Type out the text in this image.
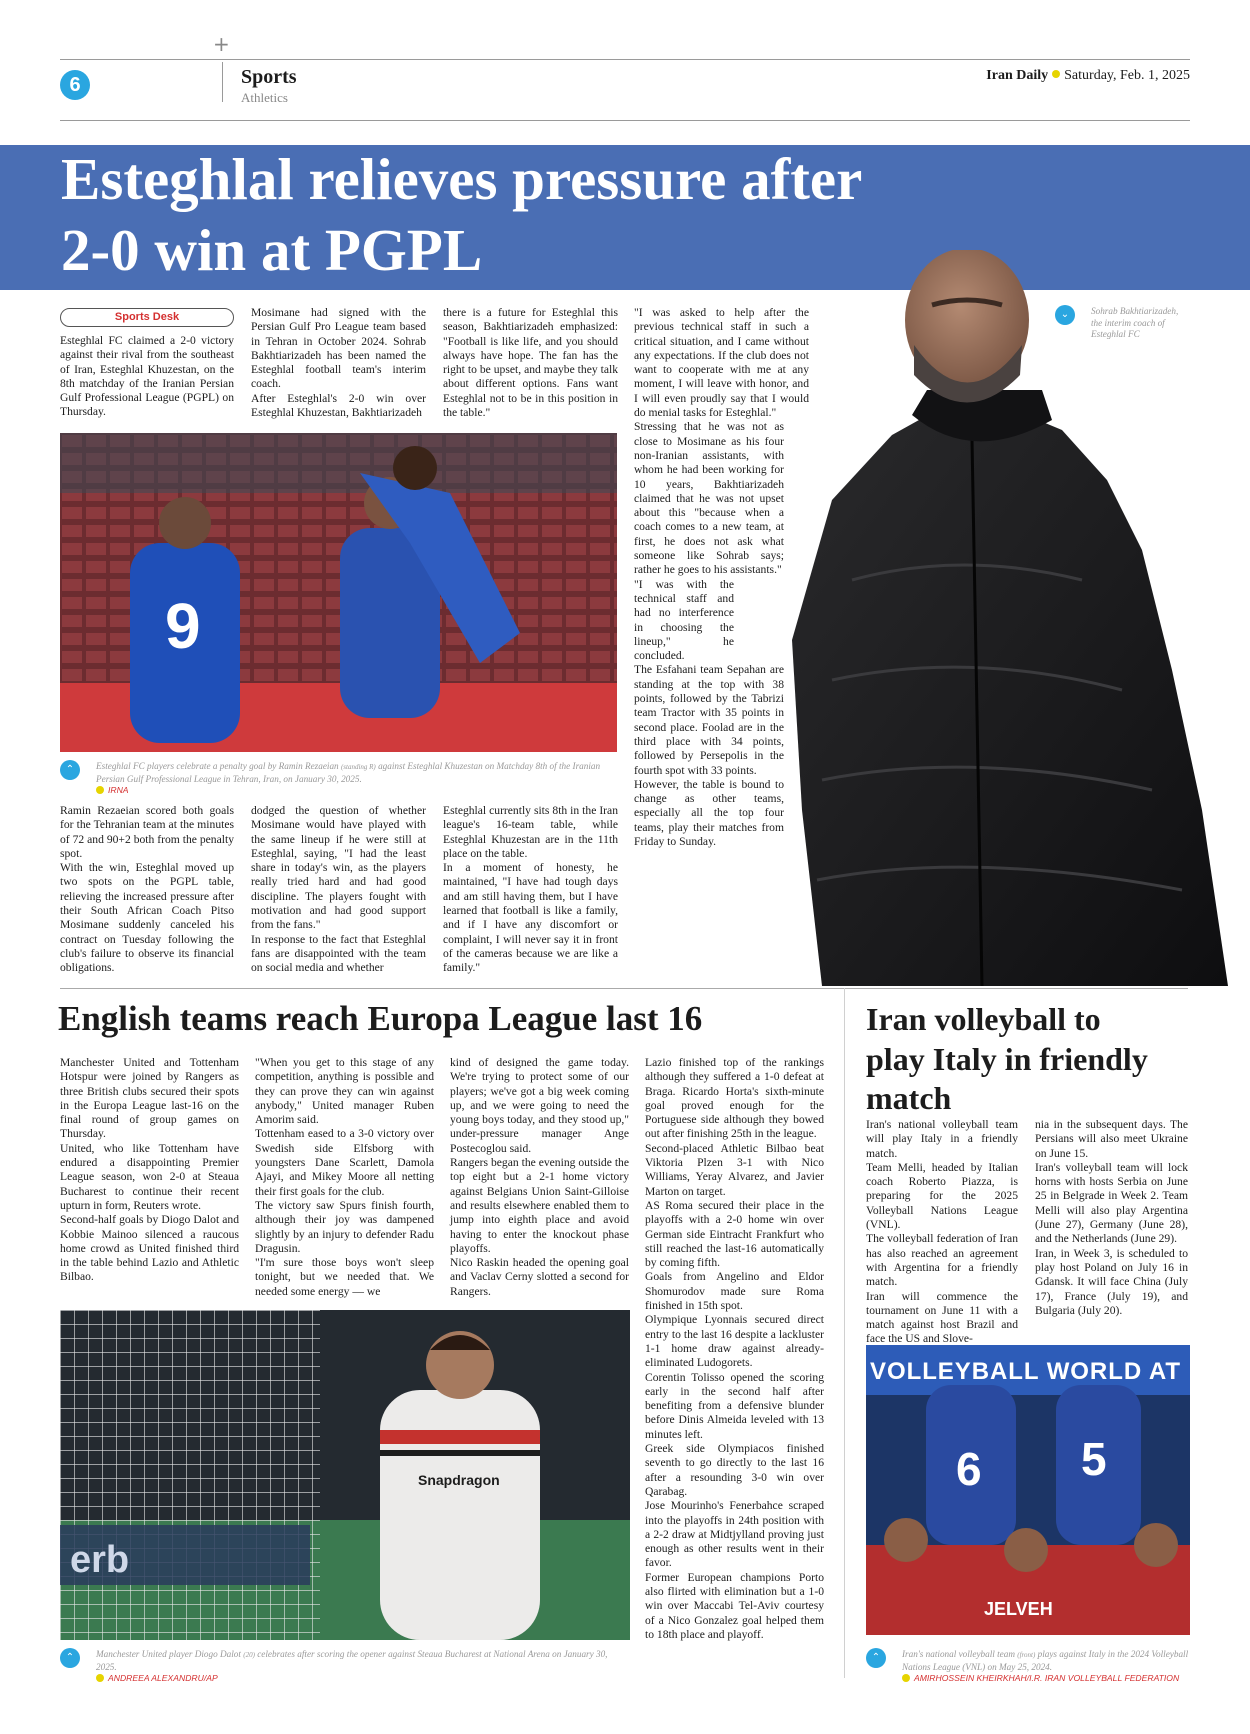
+
6	Sports
Athletics
Iran Daily Saturday, Feb. 1, 2025
Esteghlal relieves pressure after 2-0 win at PGPL
⌄	Sohrab Bakhtiarizadeh, the interim coach of Esteghlal FC
Sports Desk

Esteghlal FC claimed a 2-0 victory against their rival from the southeast of Iran, Esteghlal Khuzestan, on the 8th matchday of the Iranian Persian Gulf Professional League (PGPL) on Thursday.

Mosimane had signed with the Persian Gulf Pro League team based in Tehran in October 2024. Sohrab Bakhtiarizadeh has been named the Esteghlal football team's interim coach.

After Esteghlal's 2-0 win over Esteghlal Khuzestan, Bakhtiarizadeh

there is a future for Esteghlal this season, Bakhtiarizadeh emphasized: "Football is like life, and you should always have hope. The fan has the right to be upset, and maybe they talk about different options. Fans want Esteghlal not to be in this position in the table."

"I was asked to help after the previous technical staff in such a critical situation, and I came without any expectations. If the club does not want to cooperate with me at any moment, I will leave with honor, and I will even proudly say that I would do menial tasks for Esteghlal."

Stressing that he was not as close to Mosimane as his four non-Iranian assistants, with whom he had been working for 10 years, Bakhtiarizadeh claimed that he was not upset about this "because when a coach comes to a new team, at first, he does not ask what someone like Sohrab says; rather he goes to his assistants."

"I was with the technical staff and had no interference in choosing the lineup," he concluded.

The Esfahani team Sepahan are standing at the top with 38 points, followed by the Tabrizi team Tractor with 35 points in second place. Foolad are in the third place with 34 points, followed by Persepolis in the fourth spot with 33 points.

However, the table is bound to change as other teams, especially all the top four teams, play their matches from Friday to Sunday.

9
⌃	Esteghlal FC players celebrate a penalty goal by Ramin Rezaeian (standing R) against Esteghlal Khuzestan on Matchday 8th of the Iranian Persian Gulf Professional League in Tehran, Iran, on January 30, 2025.
IRNA

Ramin Rezaeian scored both goals for the Tehranian team at the minutes of 72 and 90+2 both from the penalty spot.

With the win, Esteghlal moved up two spots on the PGPL table, relieving the increased pressure after their South African Coach Pitso Mosimane suddenly canceled his contract on Tuesday following the club's failure to observe its financial obligations.

dodged the question of whether Mosimane would have played with the same lineup if he were still at Esteghlal, saying, "I had the least share in today's win, as the players really tried hard and had good discipline. The players fought with motivation and had good support from the fans."

In response to the fact that Esteghlal fans are disappointed with the team on social media and whether

Esteghlal currently sits 8th in the Iran league's 16-team table, while Esteghlal Khuzestan are in the 11th place on the table.

In a moment of honesty, he maintained, "I have had tough days and am still having them, but I have learned that football is like a family, and if I have any discomfort or complaint, I will never say it in front of the cameras because we are like a family."

English teams reach Europa League last 16

Manchester United and Tottenham Hotspur were joined by Rangers as three British clubs secured their spots in the Europa League last-16 on the final round of group games on Thursday.

United, who like Tottenham have endured a disappointing Premier League season, won 2-0 at Steaua Bucharest to continue their recent upturn in form, Reuters wrote.

Second-half goals by Diogo Dalot and Kobbie Mainoo silenced a raucous home crowd as United finished third in the table behind Lazio and Athletic Bilbao.

"When you get to this stage of any competition, anything is possible and they can prove they can win against anybody," United manager Ruben Amorim said.

Tottenham eased to a 3-0 victory over Swedish side Elfsborg with youngsters Dane Scarlett, Damola Ajayi, and Mikey Moore all netting their first goals for the club.

The victory saw Spurs finish fourth, although their joy was dampened slightly by an injury to defender Radu Dragusin.

"I'm sure those boys won't sleep tonight, but we needed that. We needed some energy — we

kind of designed the game today. We're trying to protect some of our players; we've got a big week coming up, and we were going to need the young boys today, and they stood up," under-pressure manager Ange Postecoglou said.

Rangers began the evening outside the top eight but a 2-1 home victory against Belgians Union Saint-Gilloise and results elsewhere enabled them to jump into eighth place and avoid having to enter the knockout phase playoffs.

Nico Raskin headed the opening goal and Vaclav Cerny slotted a second for Rangers.

Lazio finished top of the rankings although they suffered a 1-0 defeat at Braga. Ricardo Horta's sixth-minute goal proved enough for the Portuguese side although they bowed out after finishing 25th in the league.

Second-placed Athletic Bilbao beat Viktoria Plzen 3-1 with Nico Williams, Yeray Alvarez, and Javier Marton on target.

AS Roma secured their place in the playoffs with a 2-0 home win over German side Eintracht Frankfurt who still reached the last-16 automatically by coming fifth.

Goals from Angelino and Eldor Shomurodov made sure Roma finished in 15th spot.

Olympique Lyonnais secured direct entry to the last 16 despite a lackluster 1-1 home draw against already-eliminated Ludogorets.

Corentin Tolisso opened the scoring early in the second half after benefiting from a defensive blunder before Dinis Almeida leveled with 13 minutes left.

Greek side Olympiacos finished seventh to go directly to the last 16 after a resounding 3-0 win over Qarabag.

Jose Mourinho's Fenerbahce scraped into the playoffs in 24th position with a 2-2 draw at Midtjylland proving just enough as other results went in their favor.

Former European champions Porto also flirted with elimination but a 1-0 win over Maccabi Tel-Aviv courtesy of a Nico Gonzalez goal helped them to 18th place and playoff.

erb
Snapdragon
⌃	Manchester United player Diogo Dalot (20) celebrates after scoring the opener against Steaua Bucharest at National Arena on January 30, 2025.
ANDREEA ALEXANDRU/AP
Iran volleyball to play Italy in friendly match

Iran's national volleyball team will play Italy in a friendly match.

Team Melli, headed by Italian coach Roberto Piazza, is preparing for the 2025 Volleyball Nations League (VNL).

The volleyball federation of Iran has also reached an agreement with Argentina for a friendly match.

Iran will commence the tournament on June 11 with a match against host Brazil and face the US and Slove-

nia in the subsequent days. The Persians will also meet Ukraine on June 15.

Iran's volleyball team will lock horns with hosts Serbia on June 25 in Belgrade in Week 2. Team Melli will also play Argentina (June 27), Germany (June 28), and the Netherlands (June 29).

Iran, in Week 3, is scheduled to play host Poland on July 16 in Gdansk. It will face China (July 17), France (July 19), and Bulgaria (July 20).

VOLLEYBALL WORLD AT
6 5
JELVEH
⌃	Iran's national volleyball team (front) plays against Italy in the 2024 Volleyball Nations League (VNL) on May 25, 2024.
AMIRHOSSEIN KHEIRKHAH/I.R. IRAN VOLLEYBALL FEDERATION
